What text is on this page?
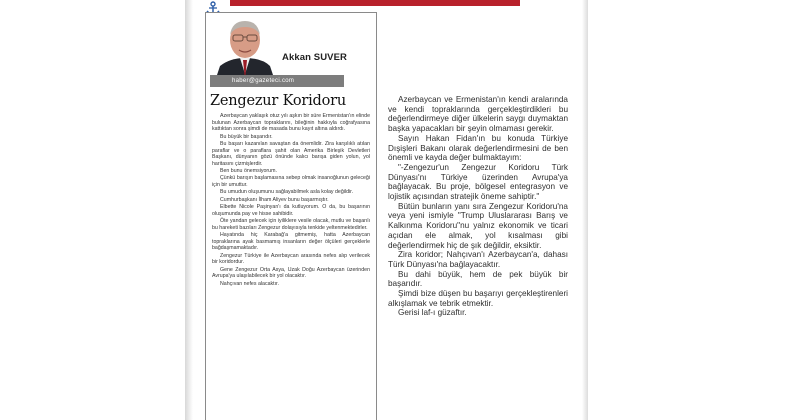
Akkan SUVER
haber@gazeteci.com
Zengezur Koridoru

Azerbaycan yaklaşık otuz yılı aşkın bir süre Ermenistan'ın elinde bulunan Azerbaycan topraklarını, bileğinin hakkıyla coğrafyasına kattıktan sonra şimdi de masada bunu kayıt altına aldırdı.

Bu büyük bir başarıdır.

Bu başarı kazanılan savaştan da önemlidir. Zira karşılıklı atılan paraflar ve o paraflara şahit olan Amerika Birleşik Devletleri Başkanı, dünyanın gözü önünde kalıcı barışa giden yolun, yol haritasını çizmişlerdir.

Ben bunu önemsiyorum.

Çünkü barışın başlamasına sebep olmak insanoğlunun geleceği için bir umuttur.

Bu umudun oluşumunu sağlayabilmek asla kolay değildir.

Cumhurbaşkanı İlham Aliyev bunu başarmıştır.

Elbette Nicole Paşinyan'ı da kutluyorum. O da, bu başarının oluşumunda pay ve hisse sahibidir.

Öte yandan gelecek için iyiliklere vesile olacak, mutlu ve başarılı bu hareketi bazıları Zengezur dolayısıyla tenkide yeltenmektedirler.

Hayatında hiç Karabağ'a gitmemiş, hatta Azerbaycan topraklarına ayak basmamış insanların değer ölçüleri gerçeklerle bağdaşmamaktadır.

Zengezur Türkiye ile Azerbaycan arasında nefes alıp verilecek bir koridordur.

Gene Zengezur Orta Asya, Uzak Doğu Azerbaycan üzerinden Avrupa'ya ulaşılabilecek bir yol olacaktır.

Nahçıvan nefes alacaktır.

Azerbaycan ve Ermenistan'ın kendi aralarında ve kendi topraklarında gerçekleştirdikleri bu değerlendirmeye diğer ülkelerin saygı duymaktan başka yapacakları bir şeyin olmaması gerekir.

Sayın Hakan Fidan'ın bu konuda Türkiye Dışişleri Bakanı olarak değerlendirmesini de ben önemli ve kayda değer bulmaktayım:

"-Zengezur'un Zengezur Koridoru Türk Dünyası'nı Türkiye üzerinden Avrupa'ya bağlayacak. Bu proje, bölgesel entegrasyon ve lojistik açısından stratejik öneme sahiptir."

Bütün bunların yanı sıra Zengezur Koridoru'na veya yeni ismiyle "Trump Uluslararası Barış ve Kalkınma Koridoru"nu yalnız ekonomik ve ticari açıdan ele almak, yol kısalması gibi değerlendirmek hiç de şık değildir, eksiktir.

Zira koridor; Nahçıvan'ı Azerbaycan'a, dahası Türk Dünyası'na bağlayacaktır.

Bu dahi büyük, hem de pek büyük bir başarıdır.

Şimdi bize düşen bu başarıyı gerçekleştirenleri alkışlamak ve tebrik etmektir.

Gerisi laf-ı güzaftır.
